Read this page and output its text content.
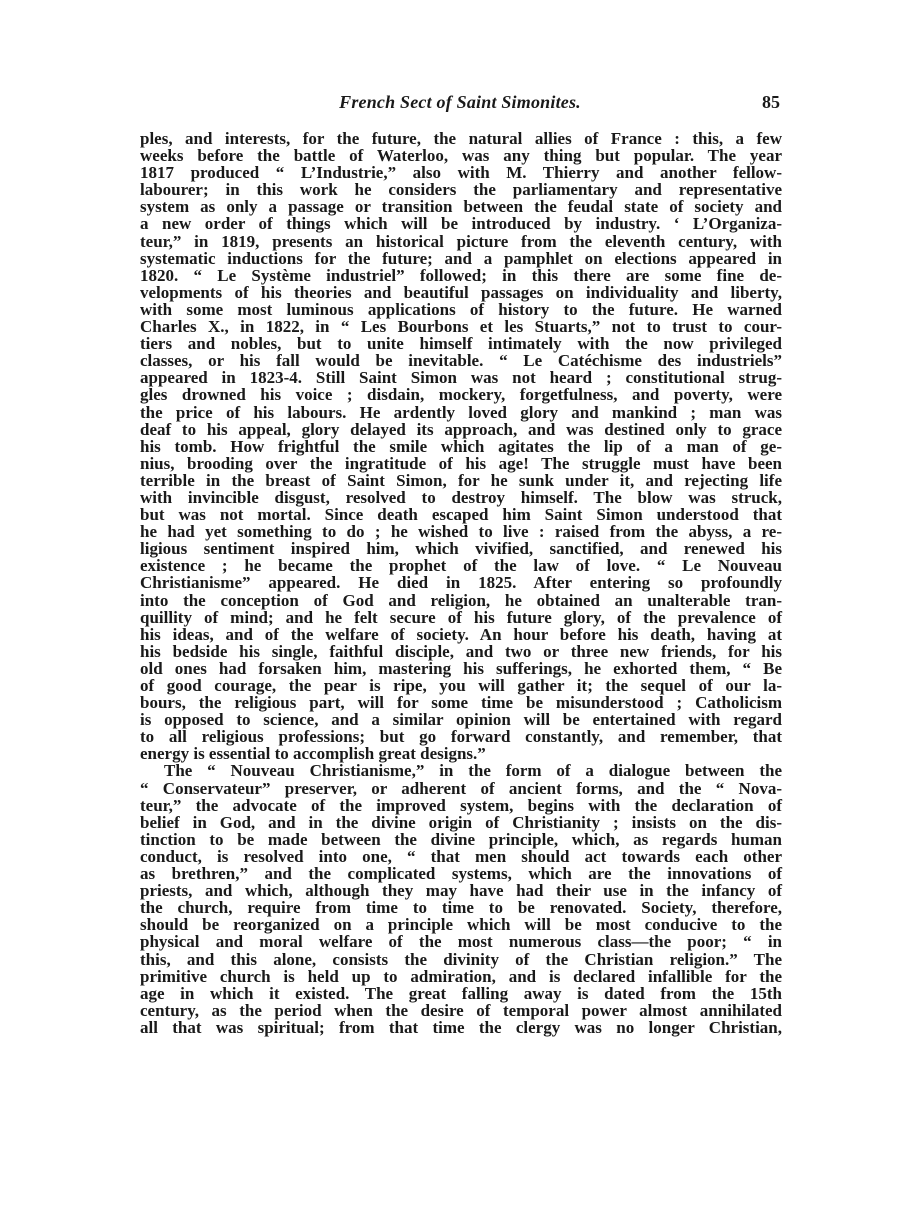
French Sect of Saint Simonites.	85
ples, and interests, for the future, the natural allies of France : this, a few
weeks before the battle of Waterloo, was any thing but popular. The year
1817 produced “ L’Industrie,” also with M. Thierry and another fellow-
labourer; in this work he considers the parliamentary and representative
system as only a passage or transition between the feudal state of society and
a new order of things which will be introduced by industry. ‘ L’Organiza-
teur,” in 1819, presents an historical picture from the eleventh century, with
systematic inductions for the future; and a pamphlet on elections appeared in
1820. “ Le Système industriel” followed; in this there are some fine de-
velopments of his theories and beautiful passages on individuality and liberty,
with some most luminous applications of history to the future. He warned
Charles X., in 1822, in “ Les Bourbons et les Stuarts,” not to trust to cour-
tiers and nobles, but to unite himself intimately with the now privileged
classes, or his fall would be inevitable. “ Le Catéchisme des industriels”
appeared in 1823-4. Still Saint Simon was not heard ; constitutional strug-
gles drowned his voice ; disdain, mockery, forgetfulness, and poverty, were
the price of his labours. He ardently loved glory and mankind ; man was
deaf to his appeal, glory delayed its approach, and was destined only to grace
his tomb. How frightful the smile which agitates the lip of a man of ge-
nius, brooding over the ingratitude of his age! The struggle must have been
terrible in the breast of Saint Simon, for he sunk under it, and rejecting life
with invincible disgust, resolved to destroy himself. The blow was struck,
but was not mortal. Since death escaped him Saint Simon understood that
he had yet something to do ; he wished to live : raised from the abyss, a re-
ligious sentiment inspired him, which vivified, sanctified, and renewed his
existence ; he became the prophet of the law of love. “ Le Nouveau
Christianisme” appeared. He died in 1825. After entering so profoundly
into the conception of God and religion, he obtained an unalterable tran-
quillity of mind; and he felt secure of his future glory, of the prevalence of
his ideas, and of the welfare of society. An hour before his death, having at
his bedside his single, faithful disciple, and two or three new friends, for his
old ones had forsaken him, mastering his sufferings, he exhorted them, “ Be
of good courage, the pear is ripe, you will gather it; the sequel of our la-
bours, the religious part, will for some time be misunderstood ; Catholicism
is opposed to science, and a similar opinion will be entertained with regard
to all religious professions; but go forward constantly, and remember, that
energy is essential to accomplish great designs.”
The “ Nouveau Christianisme,” in the form of a dialogue between the
“ Conservateur” preserver, or adherent of ancient forms, and the “ Nova-
teur,” the advocate of the improved system, begins with the declaration of
belief in God, and in the divine origin of Christianity ; insists on the dis-
tinction to be made between the divine principle, which, as regards human
conduct, is resolved into one, “ that men should act towards each other
as brethren,” and the complicated systems, which are the innovations of
priests, and which, although they may have had their use in the infancy of
the church, require from time to time to be renovated. Society, therefore,
should be reorganized on a principle which will be most conducive to the
physical and moral welfare of the most numerous class—the poor; “ in
this, and this alone, consists the divinity of the Christian religion.” The
primitive church is held up to admiration, and is declared infallible for the
age in which it existed. The great falling away is dated from the 15th
century, as the period when the desire of temporal power almost annihilated
all that was spiritual; from that time the clergy was no longer Christian,
